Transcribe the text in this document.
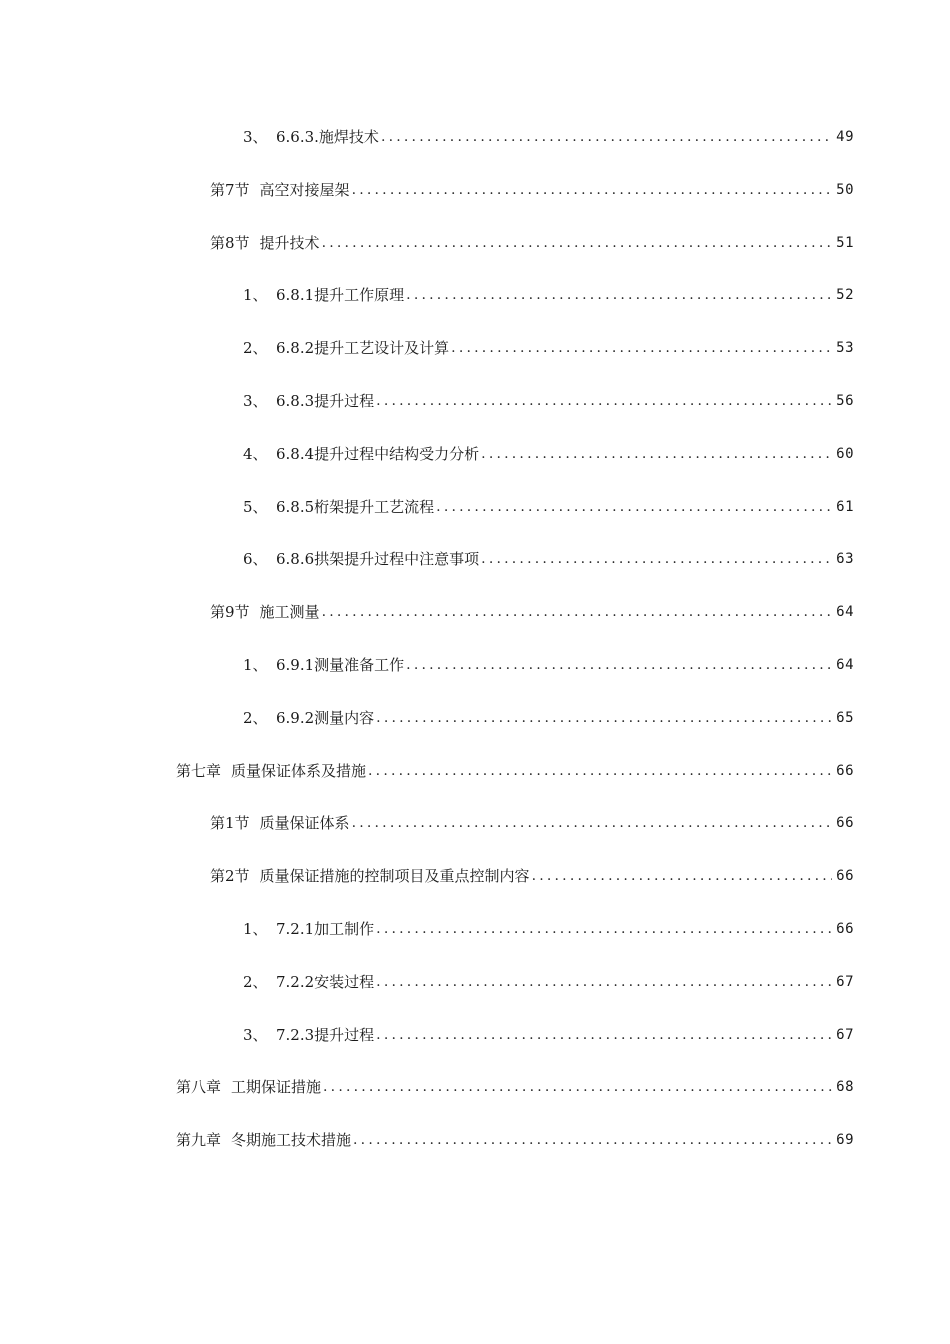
3、 6.6.3.施焊技术 .....	49
第7节 高空对接屋架 .....	50
第8节 提升技术 .....	51
1、 6.8.1提升工作原理 .....	52
2、 6.8.2提升工艺设计及计算 .....	53
3、 6.8.3提升过程 .....	56
4、 6.8.4提升过程中结构受力分析 .....	60
5、 6.8.5桁架提升工艺流程 .....	61
6、 6.8.6拱架提升过程中注意事项 .....	63
第9节 施工测量 .....	64
1、 6.9.1测量准备工作 .....	64
2、 6.9.2测量内容 .....	65
第七章 质量保证体系及措施 .....	66
第1节 质量保证体系 .....	66
第2节 质量保证措施的控制项目及重点控制内容 .....	66
1、 7.2.1加工制作 .....	66
2、 7.2.2安装过程 .....	67
3、 7.2.3提升过程 .....	67
第八章 工期保证措施 .....	68
第九章 冬期施工技术措施 .....	69
